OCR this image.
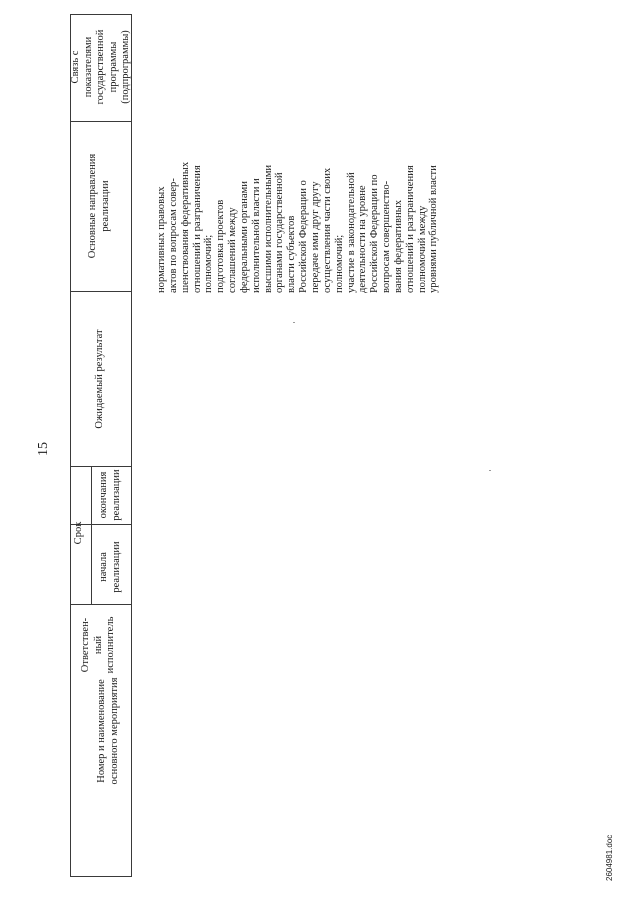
15
Номер и наименование основного мероприятия
Ответствен- ный исполнитель
Срок
начала реализации
окончания реализации
Ожидаемый результат
Основные направления реализации
Связь с показателями государственной программы (подпрограммы)
нормативных правовых актов по вопросам совер- шенствования федеративных отношений и разграничения полномочий; подготовка проектов соглашений между федеральными органами исполнительной власти и высшими исполнительными органами государственной власти субъектов Российской Федерации о передаче ими друг другу осуществления части своих полномочий; участие в законодательной деятельности на уровне Российской Федерации по вопросам совершенство- вания федеративных отношений и разграничения полномочий между уровнями публичной власти
2604981.doc
